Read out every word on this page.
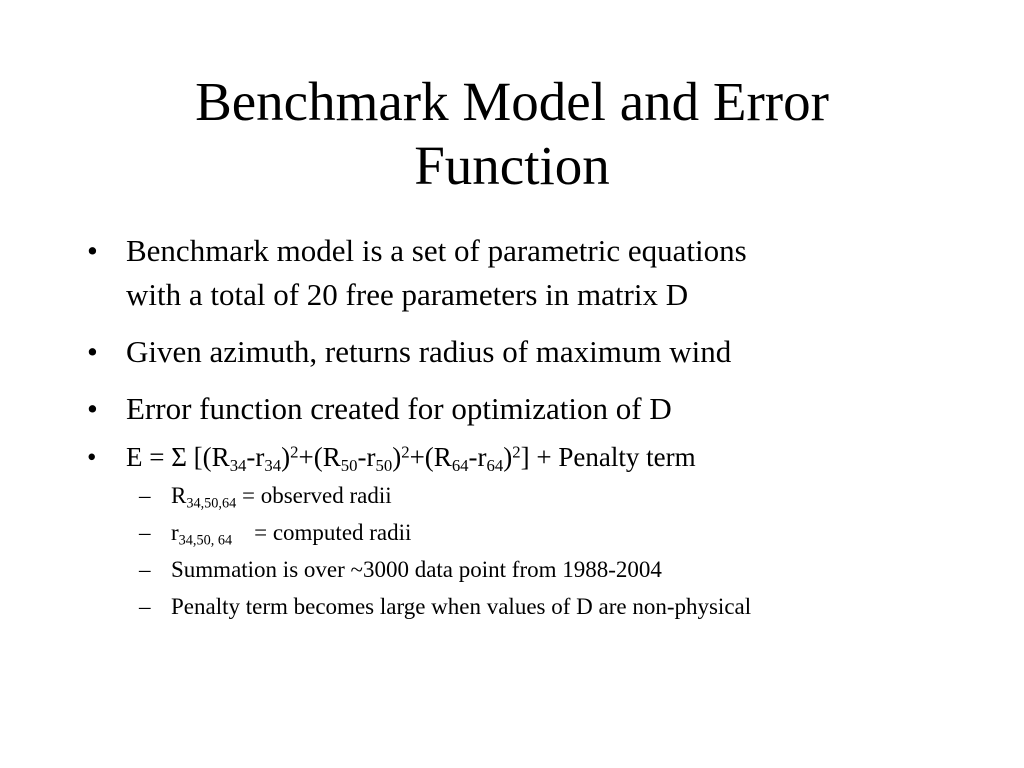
Benchmark Model and Error
Function
• Benchmark model is a set of parametric equations
with a total of 20 free parameters in matrix D
• Given azimuth, returns radius of maximum wind
• Error function created for optimization of D
• E = Σ $[(R_{34}-r_{34})^2+(R_{50}-r_{50})^2+(R_{64}-r_{64})^2]$ + Penalty term
– $R_{34,50,64}$ = observed radii
– $r_{34,50, 64}$ = computed radii
– Summation is over ~3000 data point from 1988-2004
– Penalty term becomes large when values of D are non-physical
